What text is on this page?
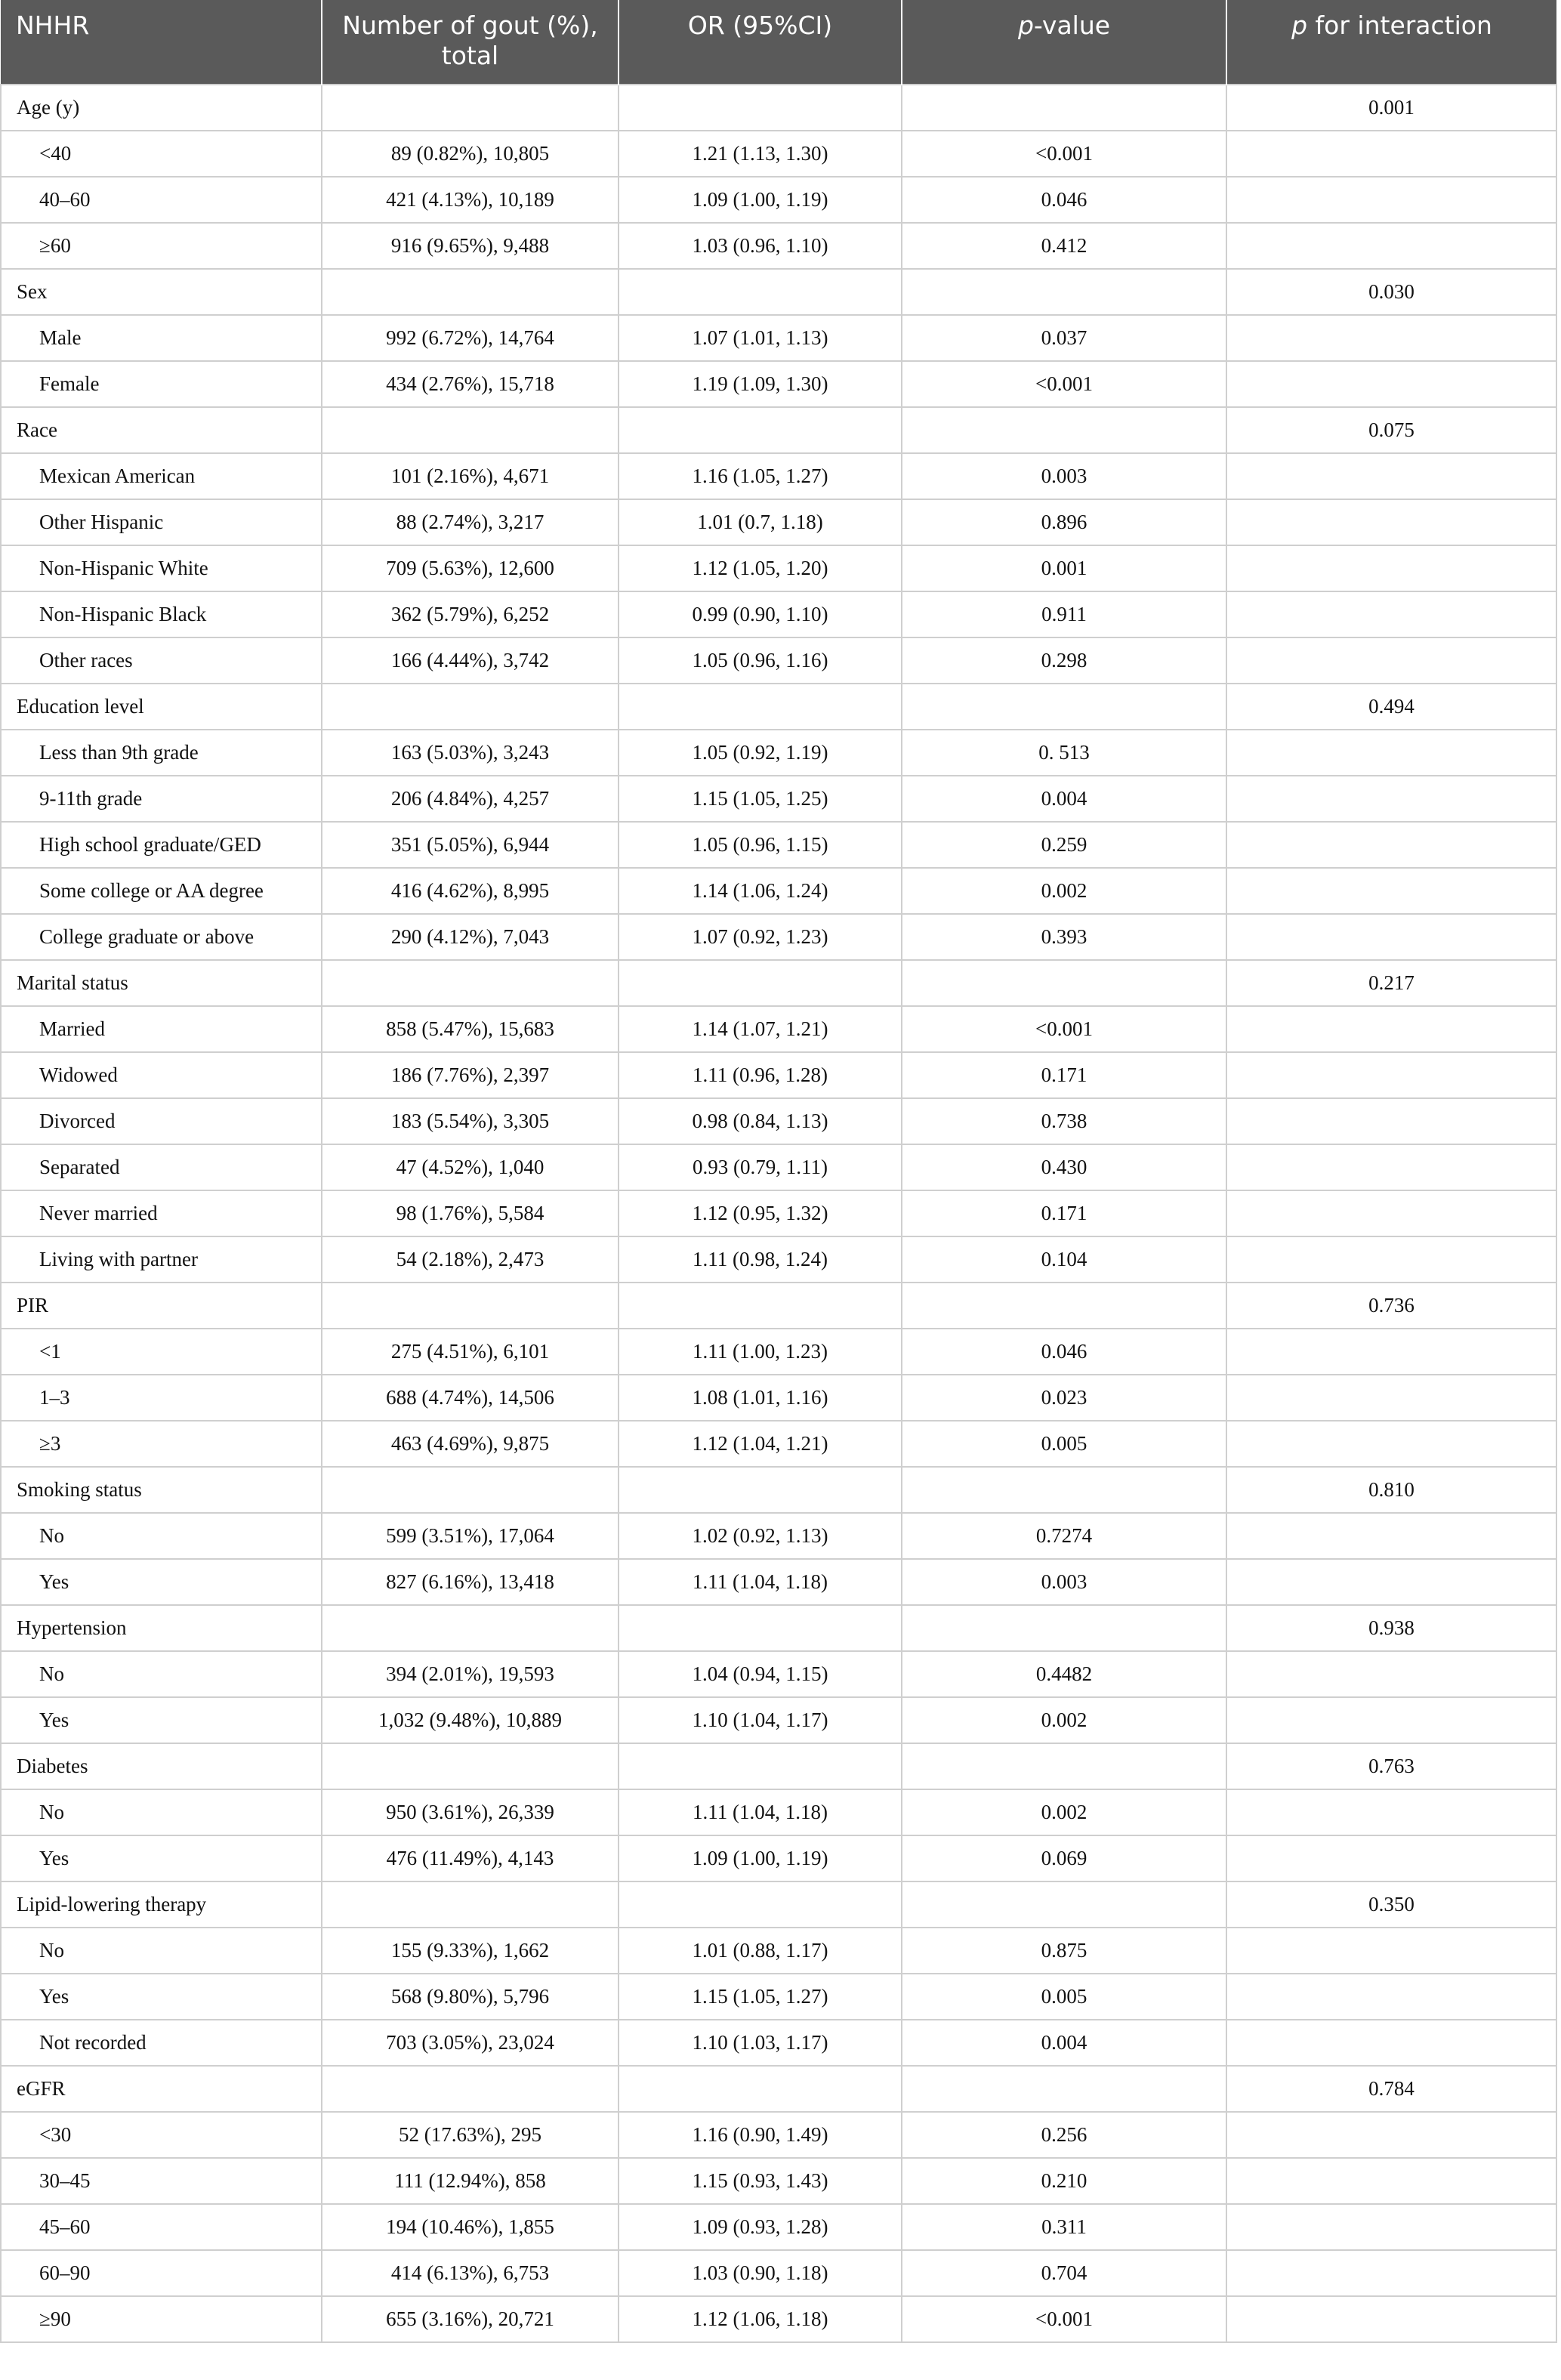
NHHR	Number of gout (%), total	OR (95%CI)	p-value	p for interaction
Age (y)				0.001
<40	89 (0.82%), 10,805	1.21 (1.13, 1.30)	<0.001	
40–60	421 (4.13%), 10,189	1.09 (1.00, 1.19)	0.046	
≥60	916 (9.65%), 9,488	1.03 (0.96, 1.10)	0.412	
Sex				0.030
Male	992 (6.72%), 14,764	1.07 (1.01, 1.13)	0.037	
Female	434 (2.76%), 15,718	1.19 (1.09, 1.30)	<0.001	
Race				0.075
Mexican American	101 (2.16%), 4,671	1.16 (1.05, 1.27)	0.003	
Other Hispanic	88 (2.74%), 3,217	1.01 (0.7, 1.18)	0.896	
Non-Hispanic White	709 (5.63%), 12,600	1.12 (1.05, 1.20)	0.001	
Non-Hispanic Black	362 (5.79%), 6,252	0.99 (0.90, 1.10)	0.911	
Other races	166 (4.44%), 3,742	1.05 (0.96, 1.16)	0.298	
Education level				0.494
Less than 9th grade	163 (5.03%), 3,243	1.05 (0.92, 1.19)	0. 513	
9-11th grade	206 (4.84%), 4,257	1.15 (1.05, 1.25)	0.004	
High school graduate/GED	351 (5.05%), 6,944	1.05 (0.96, 1.15)	0.259	
Some college or AA degree	416 (4.62%), 8,995	1.14 (1.06, 1.24)	0.002	
College graduate or above	290 (4.12%), 7,043	1.07 (0.92, 1.23)	0.393	
Marital status				0.217
Married	858 (5.47%), 15,683	1.14 (1.07, 1.21)	<0.001	
Widowed	186 (7.76%), 2,397	1.11 (0.96, 1.28)	0.171	
Divorced	183 (5.54%), 3,305	0.98 (0.84, 1.13)	0.738	
Separated	47 (4.52%), 1,040	0.93 (0.79, 1.11)	0.430	
Never married	98 (1.76%), 5,584	1.12 (0.95, 1.32)	0.171	
Living with partner	54 (2.18%), 2,473	1.11 (0.98, 1.24)	0.104	
PIR				0.736
<1	275 (4.51%), 6,101	1.11 (1.00, 1.23)	0.046	
1–3	688 (4.74%), 14,506	1.08 (1.01, 1.16)	0.023	
≥3	463 (4.69%), 9,875	1.12 (1.04, 1.21)	0.005	
Smoking status				0.810
No	599 (3.51%), 17,064	1.02 (0.92, 1.13)	0.7274	
Yes	827 (6.16%), 13,418	1.11 (1.04, 1.18)	0.003	
Hypertension				0.938
No	394 (2.01%), 19,593	1.04 (0.94, 1.15)	0.4482	
Yes	1,032 (9.48%), 10,889	1.10 (1.04, 1.17)	0.002	
Diabetes				0.763
No	950 (3.61%), 26,339	1.11 (1.04, 1.18)	0.002	
Yes	476 (11.49%), 4,143	1.09 (1.00, 1.19)	0.069	
Lipid-lowering therapy				0.350
No	155 (9.33%), 1,662	1.01 (0.88, 1.17)	0.875	
Yes	568 (9.80%), 5,796	1.15 (1.05, 1.27)	0.005	
Not recorded	703 (3.05%), 23,024	1.10 (1.03, 1.17)	0.004	
eGFR				0.784
<30	52 (17.63%), 295	1.16 (0.90, 1.49)	0.256	
30–45	111 (12.94%), 858	1.15 (0.93, 1.43)	0.210	
45–60	194 (10.46%), 1,855	1.09 (0.93, 1.28)	0.311	
60–90	414 (6.13%), 6,753	1.03 (0.90, 1.18)	0.704	
≥90	655 (3.16%), 20,721	1.12 (1.06, 1.18)	<0.001	
